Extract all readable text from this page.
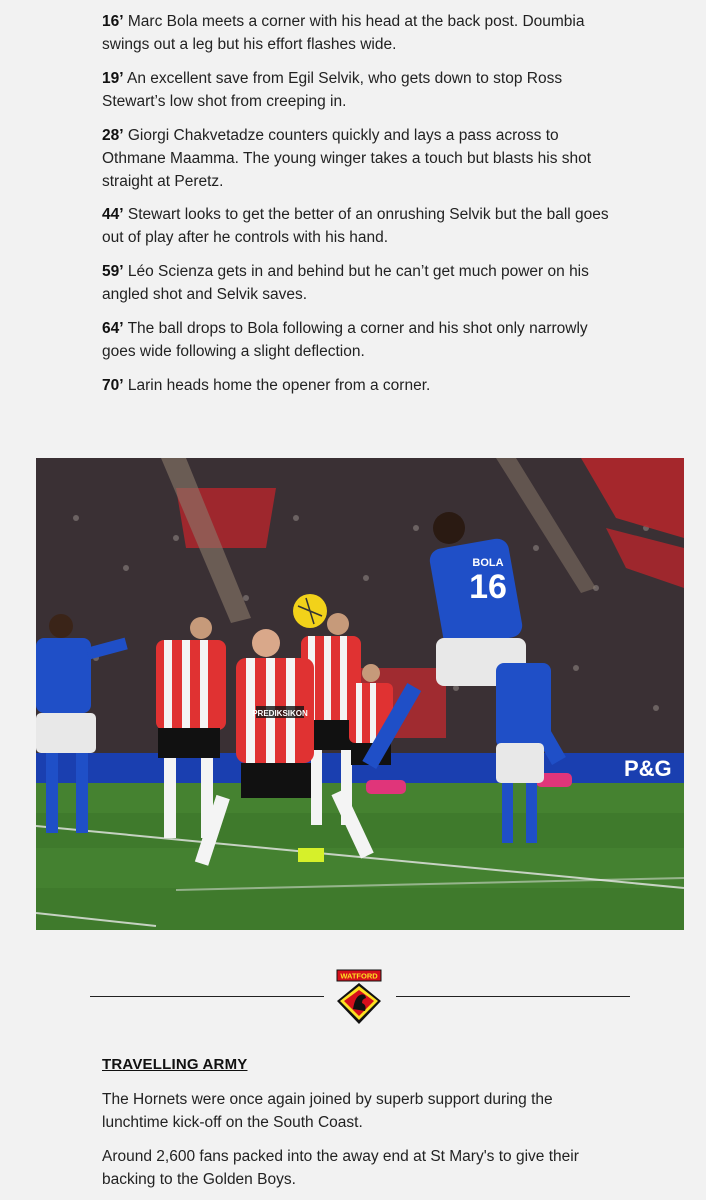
16’ Marc Bola meets a corner with his head at the back post. Doumbia swings out a leg but his effort flashes wide.

19’ An excellent save from Egil Selvik, who gets down to stop Ross Stewart’s low shot from creeping in.

28’ Giorgi Chakvetadze counters quickly and lays a pass across to Othmane Maamma. The young winger takes a touch but blasts his shot straight at Peretz.

44’ Stewart looks to get the better of an onrushing Selvik but the ball goes out of play after he controls with his hand.

59’ Léo Scienza gets in and behind but he can’t get much power on his angled shot and Selvik saves.

64’ The ball drops to Bola following a corner and his shot only narrowly goes wide following a slight deflection.

70’ Larin heads home the opener from a corner.

P&G
PREDIKSIKON
16
BOLA
WATFORD
TRAVELLING ARMY

The Hornets were once again joined by superb support during the lunchtime kick-off on the South Coast.

Around 2,600 fans packed into the away end at St Mary's to give their backing to the Golden Boys.
